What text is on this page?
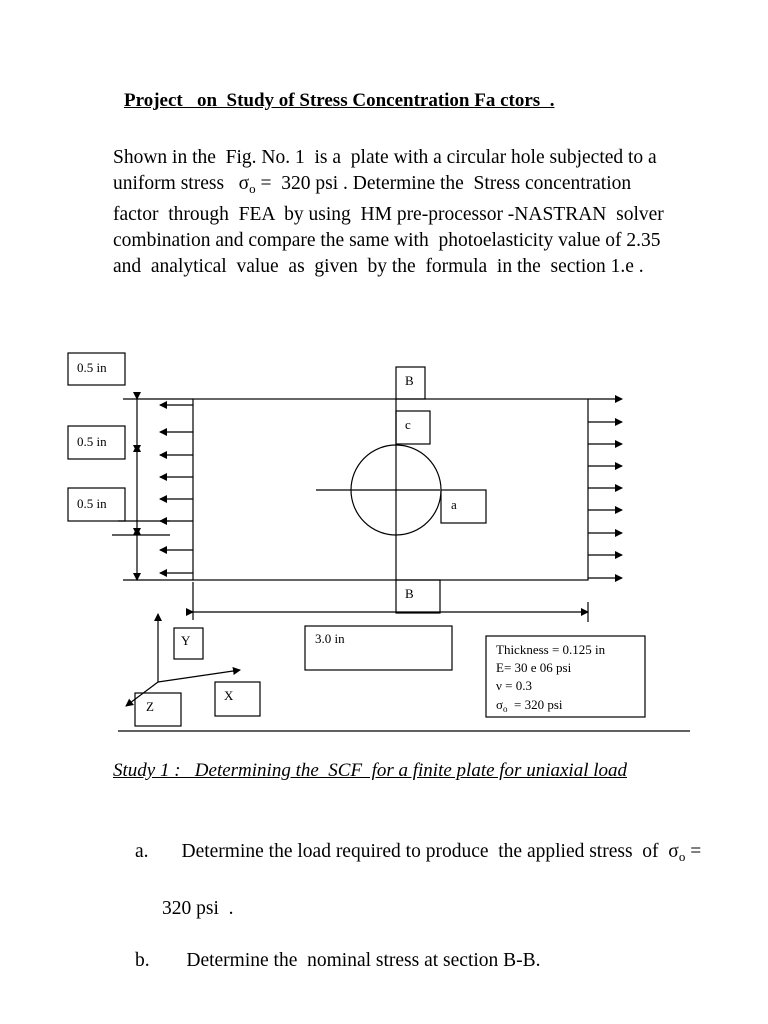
Project   on  Study of Stress Concentration Fa ctors  .
Shown in the  Fig. No. 1  is a  plate with a circular hole subjected to a
uniform stress   $\sigma_o = 320$ psi . Determine the  Stress concentration
factor  through  FEA  by using  HM pre-processor -NASTRAN  solver
combination and compare the same with  photoelasticity value of 2.35
and  analytical  value  as  given  by the  formula  in the  section 1.e .
0.5 in
0.5 in
0.5 in
B
c
a
B
3.0 in
Y
X
Z
Thickness = 0.125 in
E= 30 e 06 psi
ν = 0.3
$\sigma_o = 320$ psi
Study 1 :   Determining the  SCF  for a finite plate for uniaxial load

a. Determine the load required to produce  the applied stress  of  $\sigma_o$ =

320 psi  .

b. Determine the  nominal stress at section B-B.
